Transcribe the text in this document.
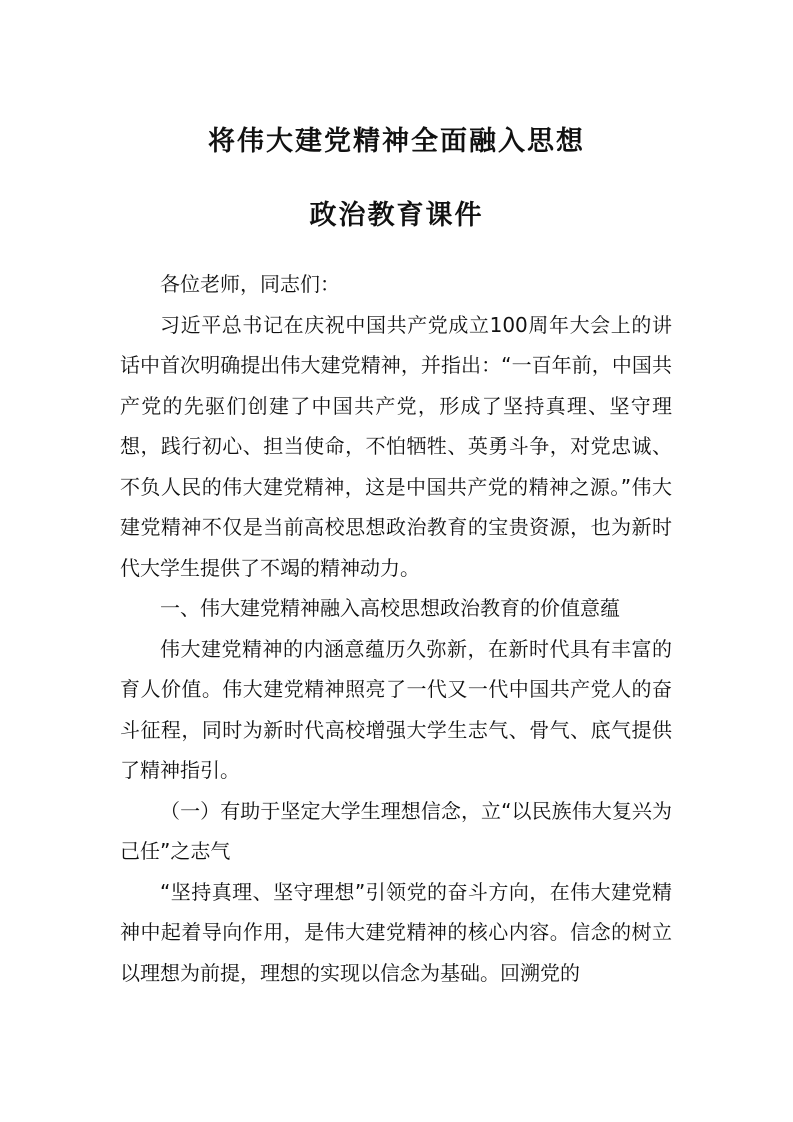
将伟大建党精神全面融入思想
政治教育课件

各位老师，同志们：

习近平总书记在庆祝中国共产党成立100周年大会上的讲话中首次明确提出伟大建党精神，并指出：“一百年前，中国共产党的先驱们创建了中国共产党，形成了坚持真理、坚守理想，践行初心、担当使命，不怕牺牲、英勇斗争，对党忠诚、不负人民的伟大建党精神，这是中国共产党的精神之源。”伟大建党精神不仅是当前高校思想政治教育的宝贵资源，也为新时代大学生提供了不竭的精神动力。

一、伟大建党精神融入高校思想政治教育的价值意蕴

伟大建党精神的内涵意蕴历久弥新，在新时代具有丰富的育人价值。伟大建党精神照亮了一代又一代中国共产党人的奋斗征程，同时为新时代高校增强大学生志气、骨气、底气提供了精神指引。

（一）有助于坚定大学生理想信念，立“以民族伟大复兴为己任”之志气

“坚持真理、坚守理想”引领党的奋斗方向，在伟大建党精神中起着导向作用，是伟大建党精神的核心内容。信念的树立以理想为前提，理想的实现以信念为基础。回溯党的
